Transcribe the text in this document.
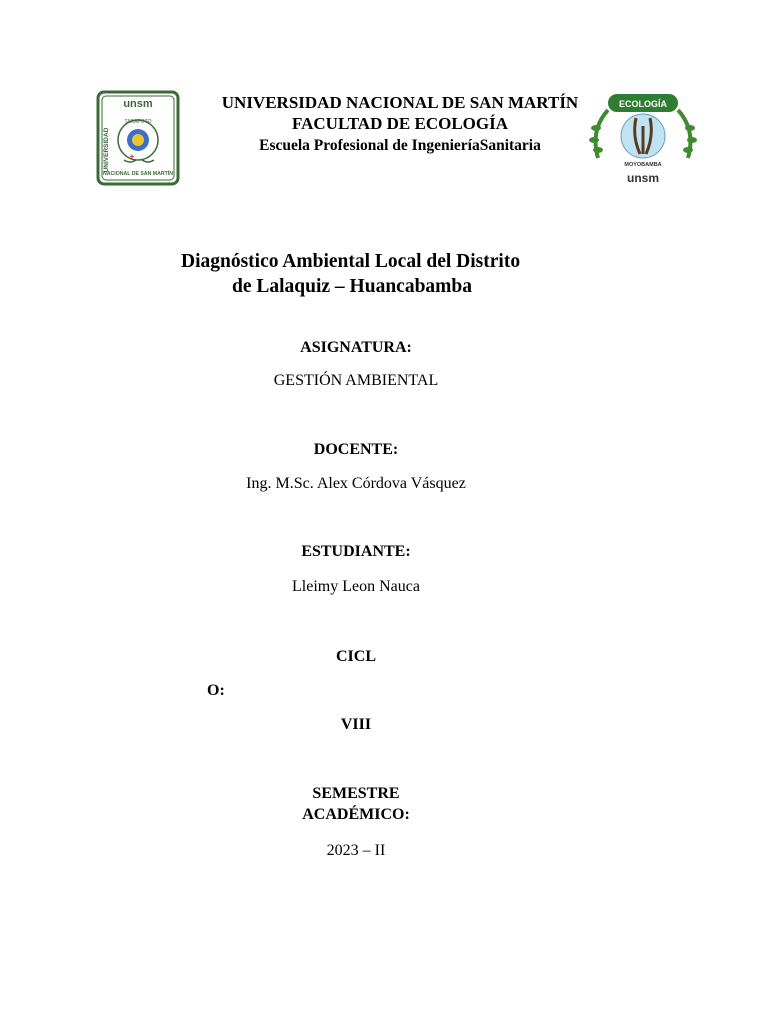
unsm
TARAPOTO
+
UNIVERSIDAD
NACIONAL DE SAN MARTÍN
UNIVERSIDAD NACIONAL DE SAN MARTÍN
FACULTAD DE ECOLOGÍA
Escuela Profesional de IngenieríaSanitaria
ECOLOGÍA
MOYOBAMBA
unsm
Diagnóstico Ambiental Local del Distrito
de Lalaquiz – Huancabamba
ASIGNATURA:
GESTIÓN AMBIENTAL
DOCENTE:
Ing. M.Sc. Alex Córdova Vásquez
ESTUDIANTE:
Lleimy Leon Nauca
CICL
O:
VIII
SEMESTRE
ACADÉMICO:
2023 – II
